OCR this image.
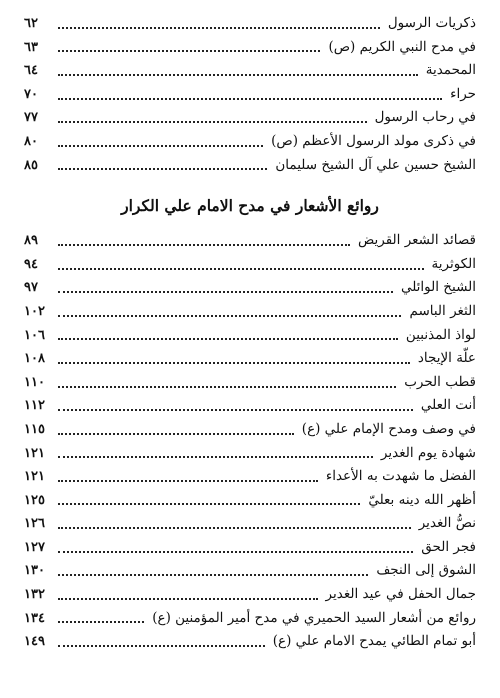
ذكريات الرسول
٦٢
في مدح النبي الكريم (ص)
٦٣
المحمدية
٦٤
حراء
٧٠
في رحاب الرسول
٧٧
في ذكرى مولد الرسول الأعظم (ص)
٨٠
الشيخ حسين علي آل الشيخ سليمان
٨٥
روائع الأشعار في مدح الامام علي الكرار
قصائد الشعر القريض
٨٩
الكوثرية
٩٤
الشيخ الوائلي
٩٧
الثغر الباسم
١٠٢
لواذ المذنبين
١٠٦
علّة الإيجاد
١٠٨
قطب الحرب
١١٠
أنت العلي
١١٢
في وصف ومدح الإمام علي (ع)
١١٥
شهادة يوم الغدير
١٢١
الفضل ما شهدت به الأعداء
١٢١
أظهر الله دينه بعليّ
١٢٥
نصُّ الغدير
١٢٦
فجر الحق
١٢٧
الشوق إلى النجف
١٣٠
جمال الحفل في عيد الغدير
١٣٢
روائع من أشعار السيد الحميري في مدح أمير المؤمنين (ع)
١٣٤
أبو تمام الطائي يمدح الامام علي (ع)
١٤٩
